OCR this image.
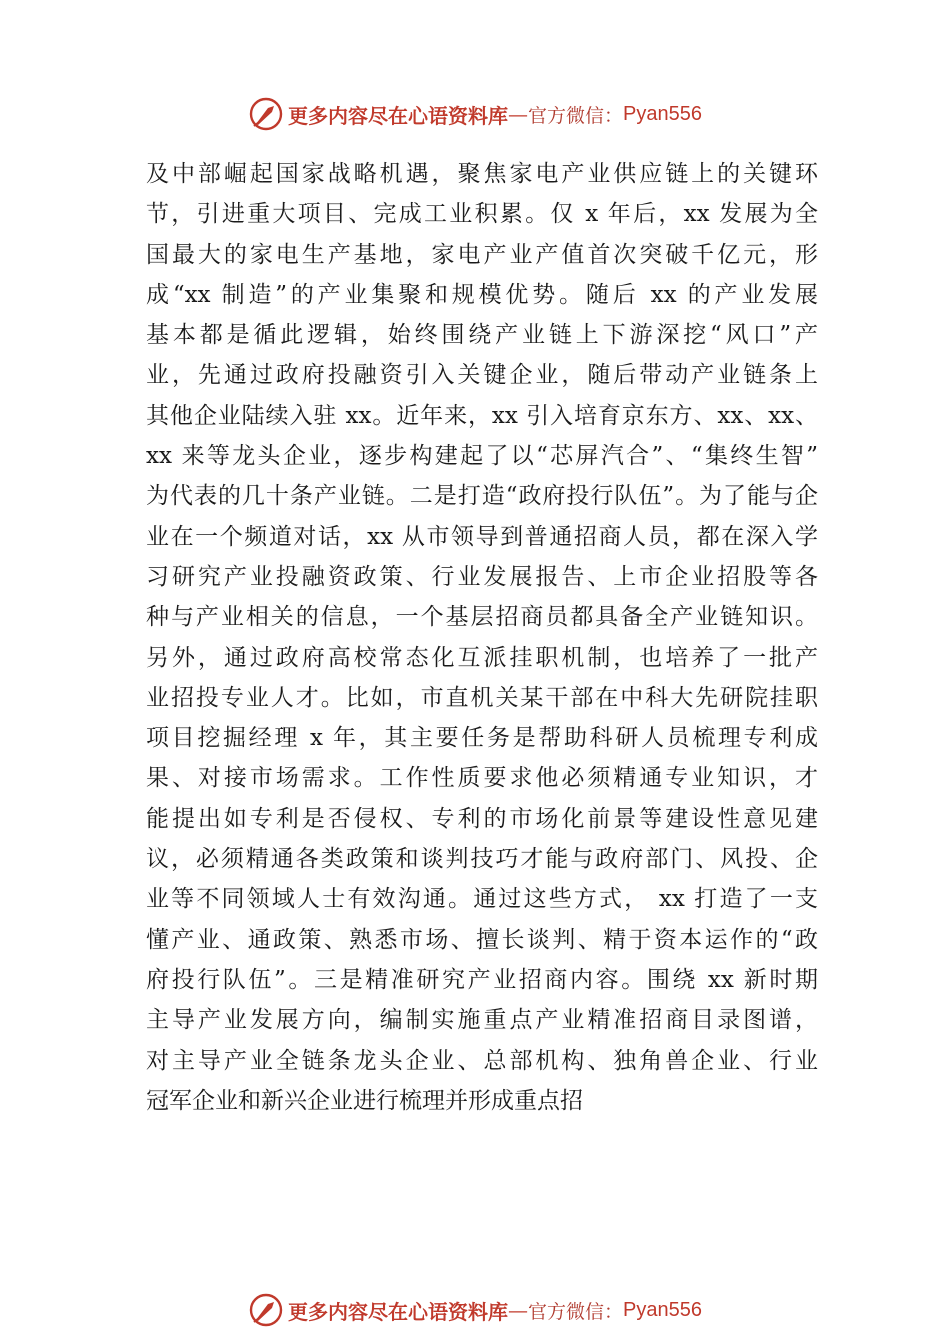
更多内容尽在心语资料库 — 官方微信： Pyan556
及中部崛起国家战略机遇，聚焦家电产业供应链上的关键环
节，引进重大项目、完成工业积累。仅 x 年后，xx 发展为全
国最大的家电生产基地，家电产业产值首次突破千亿元，形
成“xx 制造”的产业集聚和规模优势。随后 xx 的产业发展
基本都是循此逻辑，始终围绕产业链上下游深挖“风口”产
业，先通过政府投融资引入关键企业，随后带动产业链条上
其他企业陆续入驻 xx。近年来，xx 引入培育京东方、xx、xx、
xx 来等龙头企业，逐步构建起了以“芯屏汽合”、“集终生智”
为代表的几十条产业链。二是打造“政府投行队伍”。为了能与企
业在一个频道对话，xx 从市领导到普通招商人员，都在深入学
习研究产业投融资政策、行业发展报告、上市企业招股等各
种与产业相关的信息，一个基层招商员都具备全产业链知识。
另外，通过政府高校常态化互派挂职机制，也培养了一批产
业招投专业人才。比如，市直机关某干部在中科大先研院挂职
项目挖掘经理 x 年，其主要任务是帮助科研人员梳理专利成
果、对接市场需求。工作性质要求他必须精通专业知识，才
能提出如专利是否侵权、专利的市场化前景等建设性意见建
议，必须精通各类政策和谈判技巧才能与政府部门、风投、企
业等不同领域人士有效沟通。通过这些方式， xx 打造了一支
懂产业、通政策、熟悉市场、擅长谈判、精于资本运作的“政
府投行队伍”。三是精准研究产业招商内容。围绕 xx 新时期
主导产业发展方向，编制实施重点产业精准招商目录图谱，
对主导产业全链条龙头企业、总部机构、独角兽企业、行业
冠军企业和新兴企业进行梳理并形成重点招
更多内容尽在心语资料库 — 官方微信： Pyan556
